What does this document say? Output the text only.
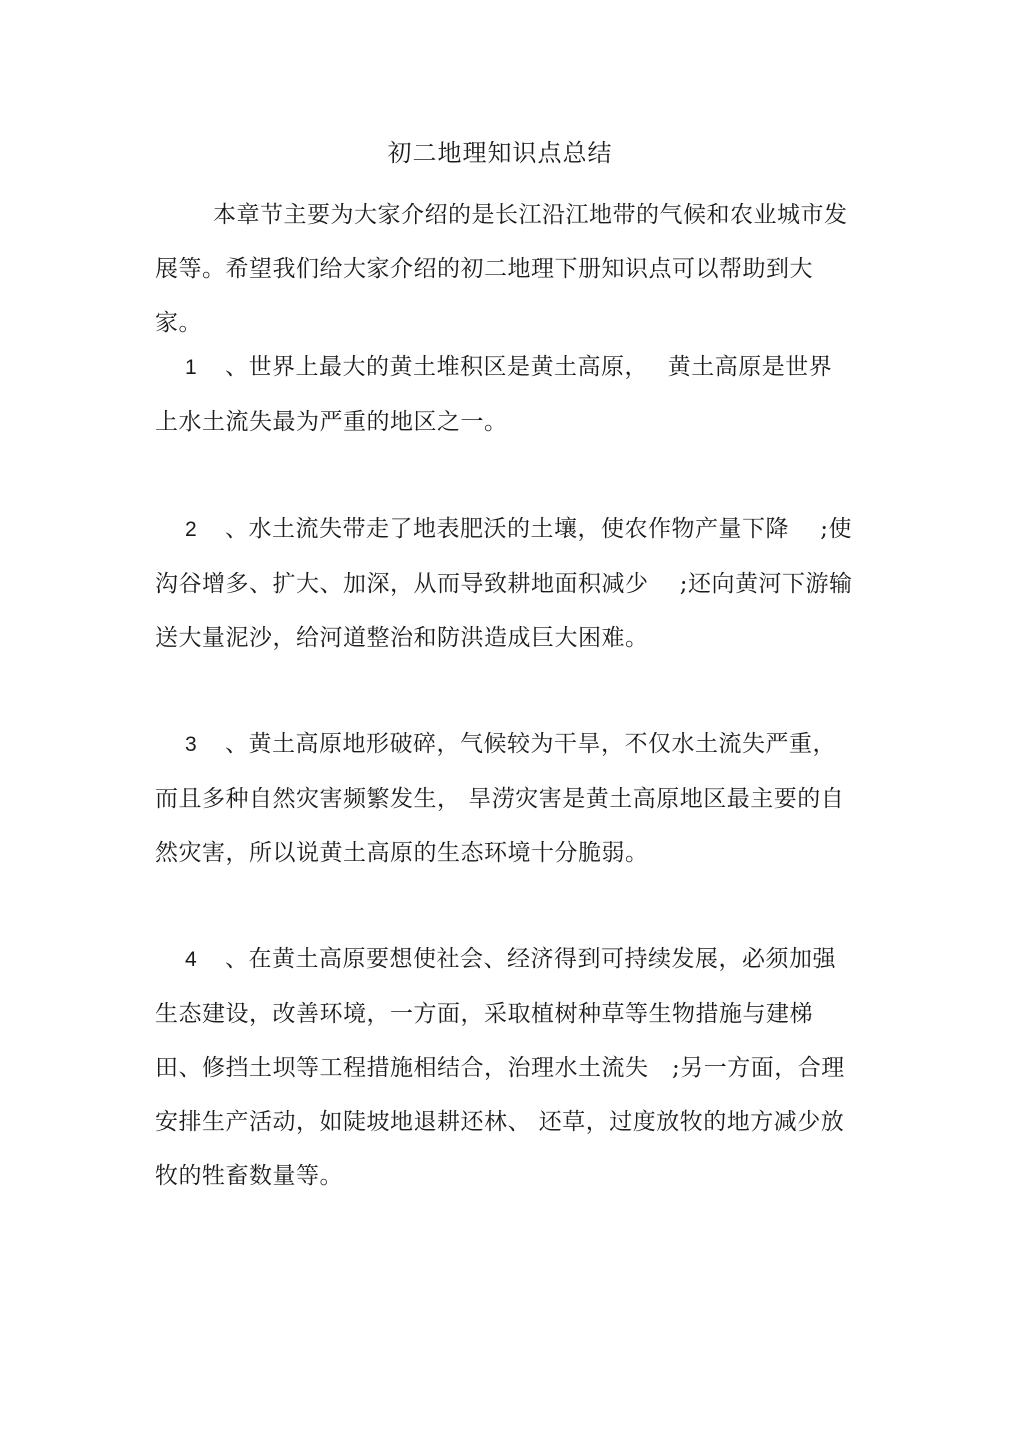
初二地理知识点总结
本章节主要为大家介绍的是长江沿江地带的气候和农业城市发展等。希望我们给大家介绍的初二地理下册知识点可以帮助到大家。
1 、世界上最大的黄土堆积区是黄土高原，　 黄土高原是世界上水土流失最为严重的地区之一。
2 、水土流失带走了地表肥沃的土壤，使农作物产量下降　 ;使沟谷增多、扩大、加深，从而导致耕地面积减少　 ;还向黄河下游输送大量泥沙，给河道整治和防洪造成巨大困难。
3 、黄土高原地形破碎，气候较为干旱，不仅水土流失严重，而且多种自然灾害频繁发生， 旱涝灾害是黄土高原地区最主要的自然灾害，所以说黄土高原的生态环境十分脆弱。
4 、在黄土高原要想使社会、经济得到可持续发展，必须加强生态建设，改善环境，一方面，采取植树种草等生物措施与建梯田、修挡土坝等工程措施相结合，治理水土流失　;另一方面，合理安排生产活动，如陡坡地退耕还林、 还草，过度放牧的地方减少放牧的牲畜数量等。
